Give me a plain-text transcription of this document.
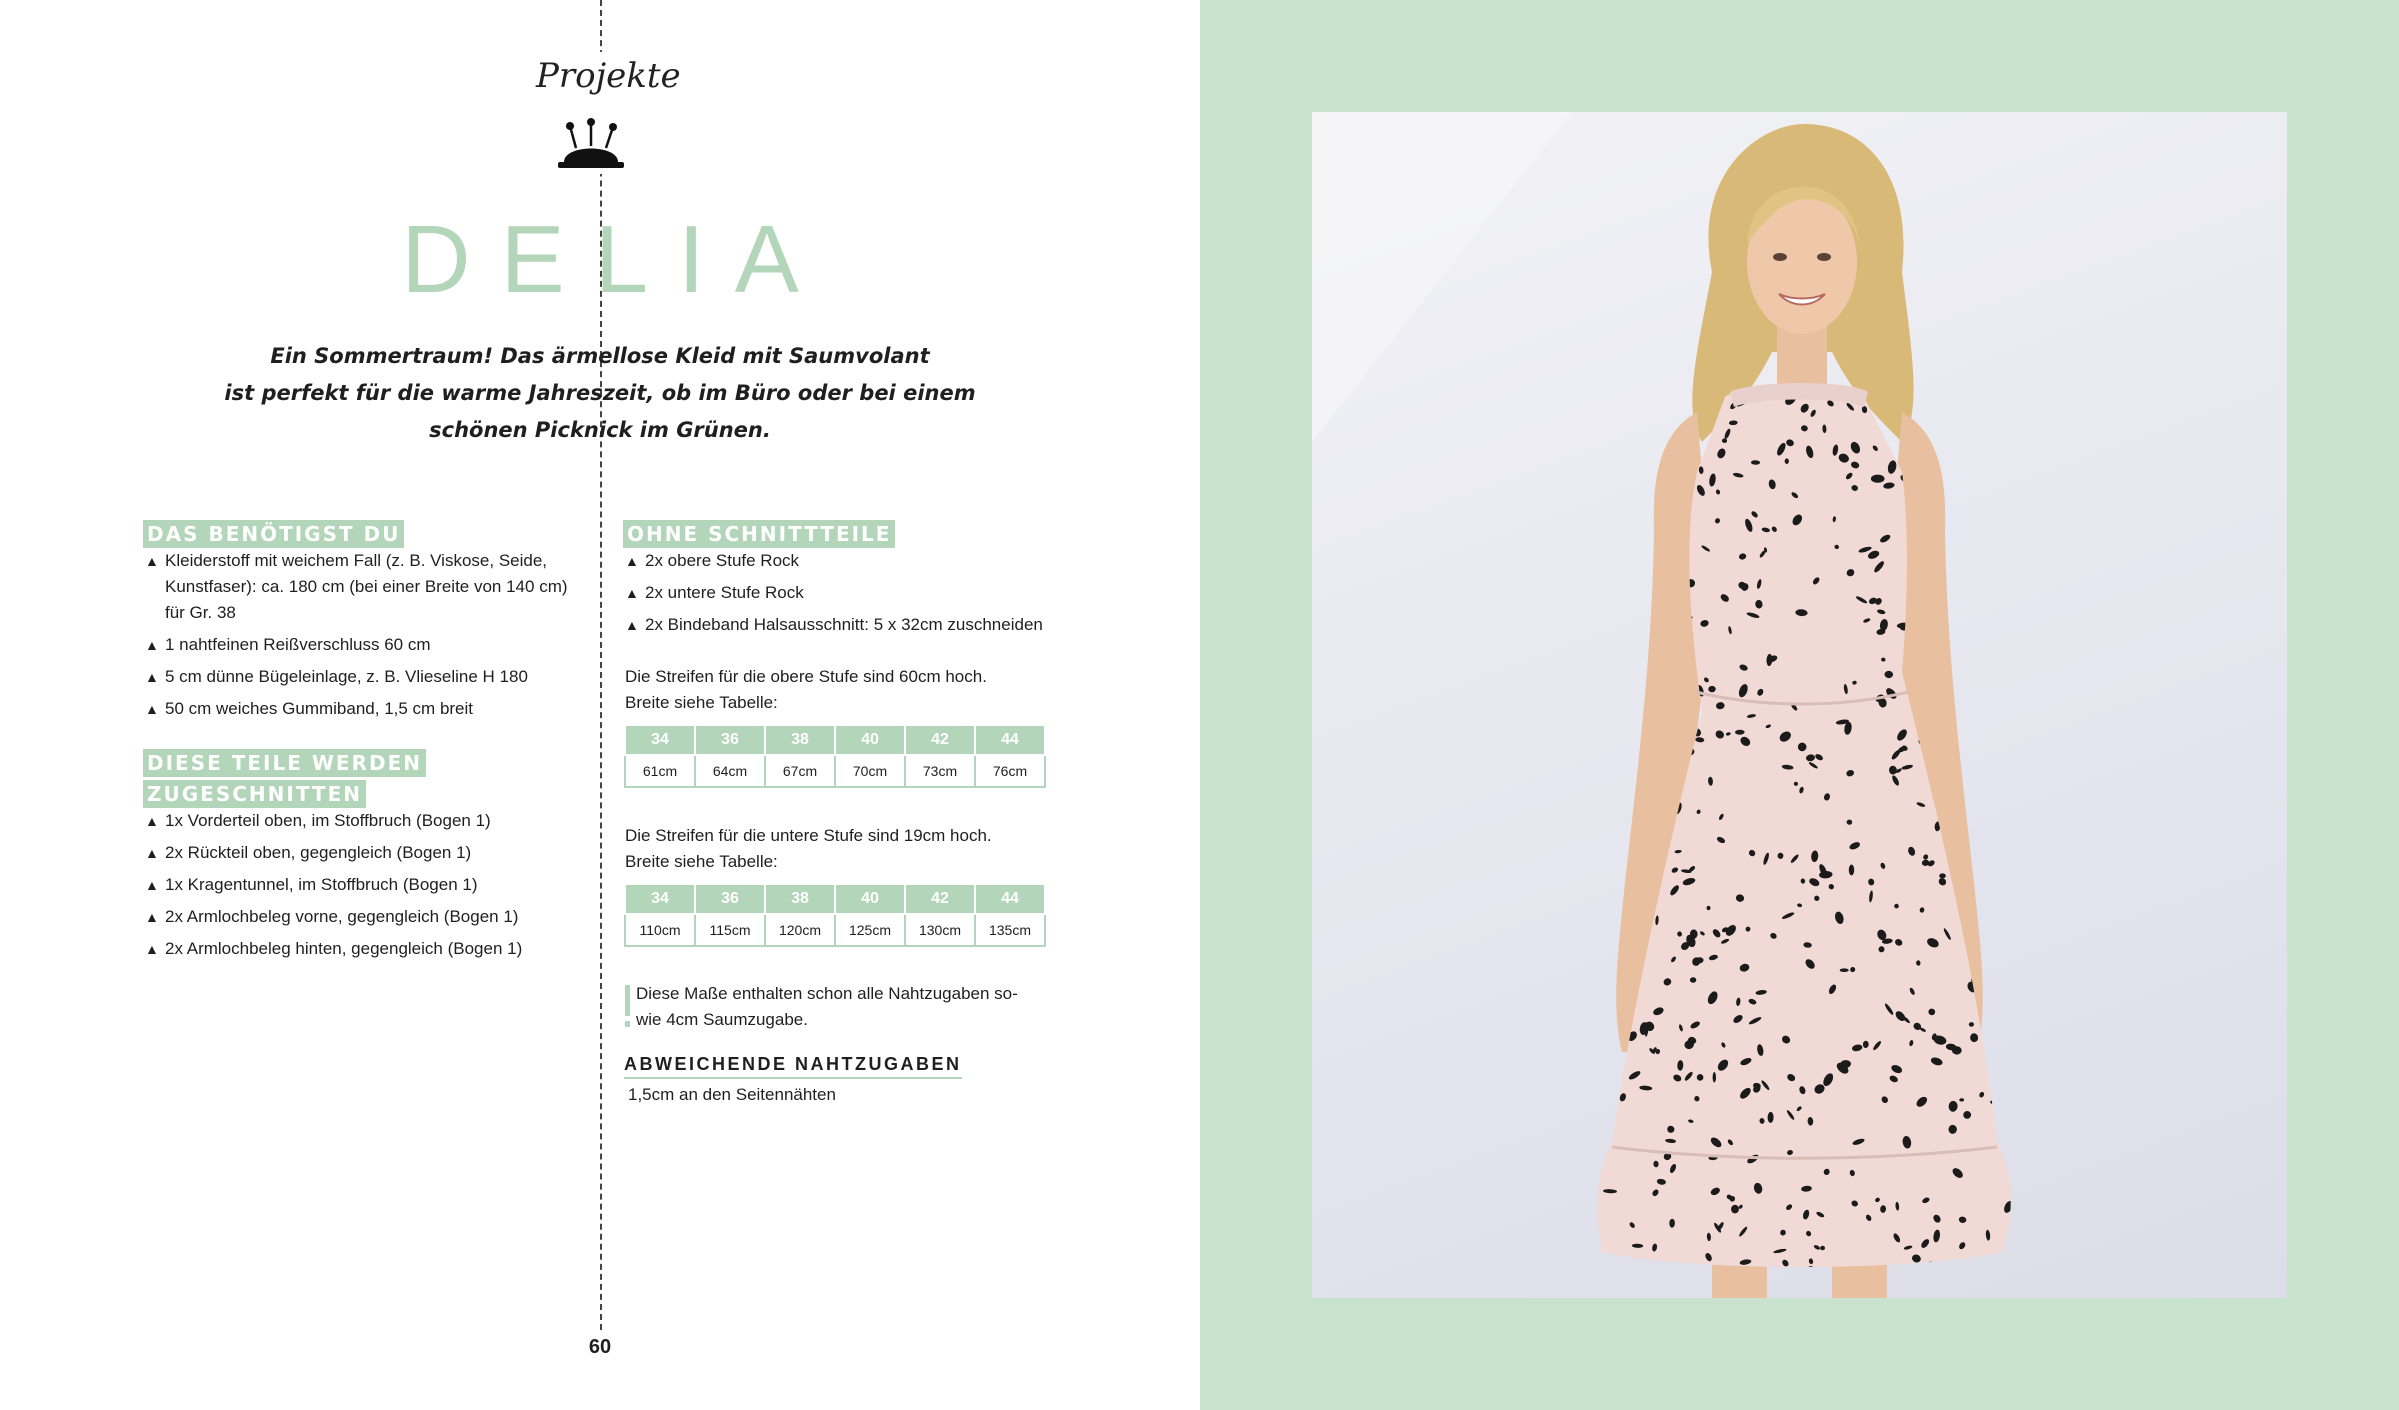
Projekte
DELIA
Ein Sommertraum! Das ärmellose Kleid mit Saumvolant
ist perfekt für die warme Jahreszeit, ob im Büro oder bei einem
schönen Picknick im Grünen.
DAS BENÖTIGST DU
▲ Kleiderstoff mit weichem Fall (z. B. Viskose, Seide, Kunstfaser): ca. 180 cm (bei einer Breite von 140 cm) für Gr. 38
▲ 1 nahtfeinen Reißverschluss 60 cm
▲ 5 cm dünne Bügeleinlage, z. B. Vlieseline H 180
▲ 50 cm weiches Gummiband, 1,5 cm breit
DIESE TEILE WERDEN
ZUGESCHNITTEN
▲ 1x Vorderteil oben, im Stoffbruch (Bogen 1)
▲ 2x Rückteil oben, gegengleich (Bogen 1)
▲ 1x Kragentunnel, im Stoffbruch (Bogen 1)
▲ 2x Armlochbeleg vorne, gegengleich (Bogen 1)
▲ 2x Armlochbeleg hinten, gegengleich (Bogen 1)
OHNE SCHNITTTEILE
▲ 2x obere Stufe Rock
▲ 2x untere Stufe Rock
▲ 2x Bindeband Halsausschnitt: 5 x 32cm zuschneiden
Die Streifen für die obere Stufe sind 60cm hoch.
Breite siehe Tabelle:
34	36	38	40	42	44
61cm	64cm	67cm	70cm	73cm	76cm
Die Streifen für die untere Stufe sind 19cm hoch.
Breite siehe Tabelle:
34	36	38	40	42	44
110cm	115cm	120cm	125cm	130cm	135cm
Diese Maße enthalten schon alle Nahtzugaben so-
wie 4cm Saumzugabe.
ABWEICHENDE NAHTZUGABEN
1,5cm an den Seitennähten
60
